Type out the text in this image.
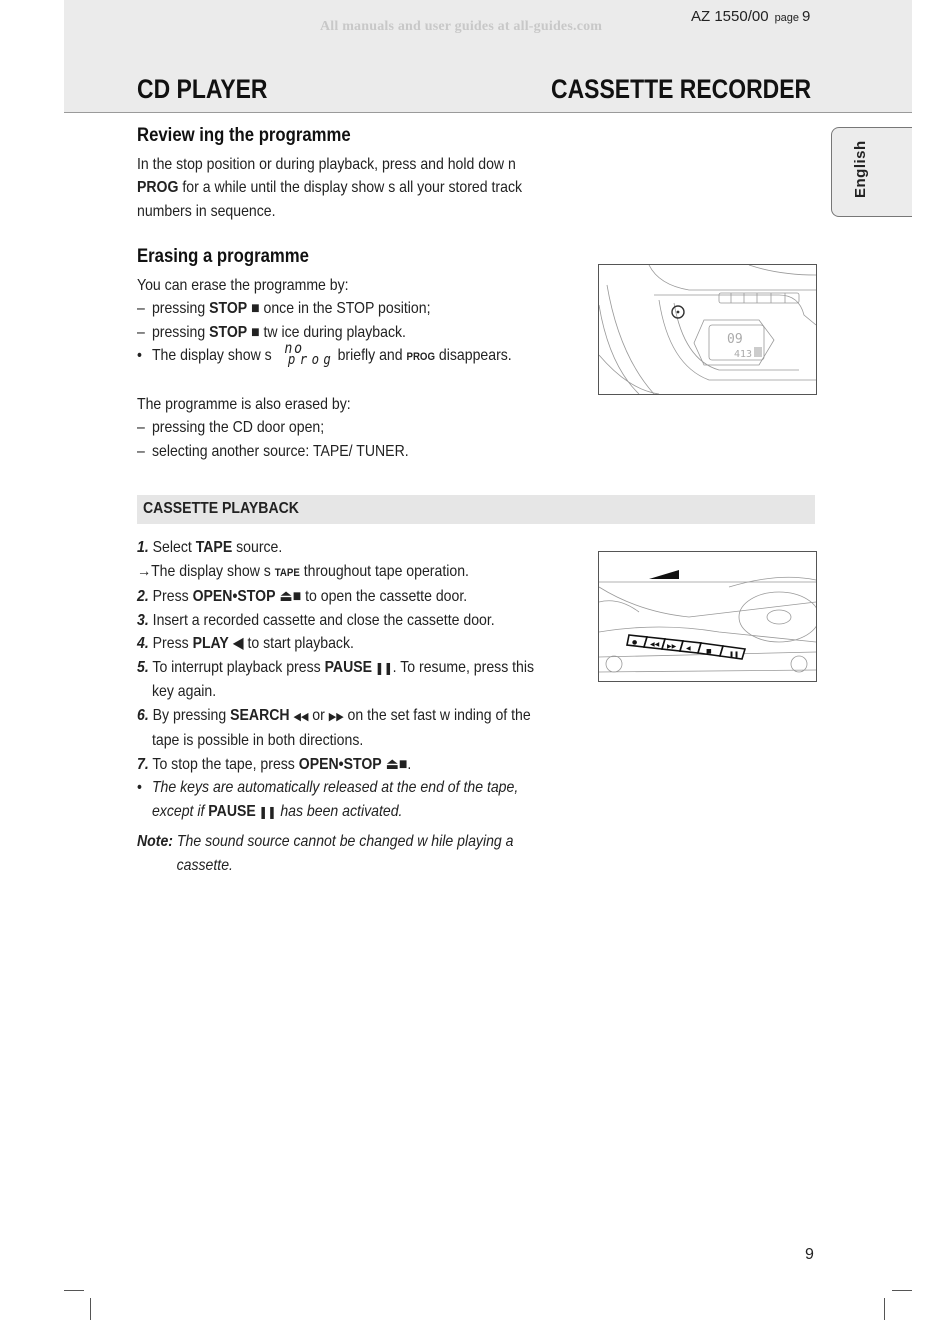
All manuals and user guides at all-guides.com
AZ 1550/00 page 9
CD PLAYER	CASSETTE RECORDER
English
Review ing the programme
In the stop position or during playback, press and hold dow n
PROG for a while until the display show s all your stored track
numbers in sequence.
Erasing a programme
You can erase the programme by:
– pressing STOP ■ once in the STOP position;
– pressing STOP ■ tw ice during playback.
• The display show s no
prog
briefly and PROG disappears.
The programme is also erased by:
– pressing the CD door open;
– selecting another source: TAPE/ TUNER.
09
413
CASSETTE PLAYBACK
1. Select TAPE source.
→The display show s TAPE throughout tape operation.
2. Press OPEN•STOP ⏏■ to open the cassette door.
3. Insert a recorded cassette and close the cassette door.
4. Press PLAY ◀ to start playback.
5. To interrupt playback press PAUSE ❚❚. To resume, press this
key again.
6. By pressing SEARCH ◀◀ or ▶▶ on the set fast w inding of the
tape is possible in both directions.
7. To stop the tape, press OPEN•STOP ⏏■.
• The keys are automatically released at the end of the tape,
except if PAUSE ❚❚ has been activated.
Note: The sound source cannot be changed w hile playing a
cassette.
● ◀◀ ▶▶ ◀	■	❚❚
9
